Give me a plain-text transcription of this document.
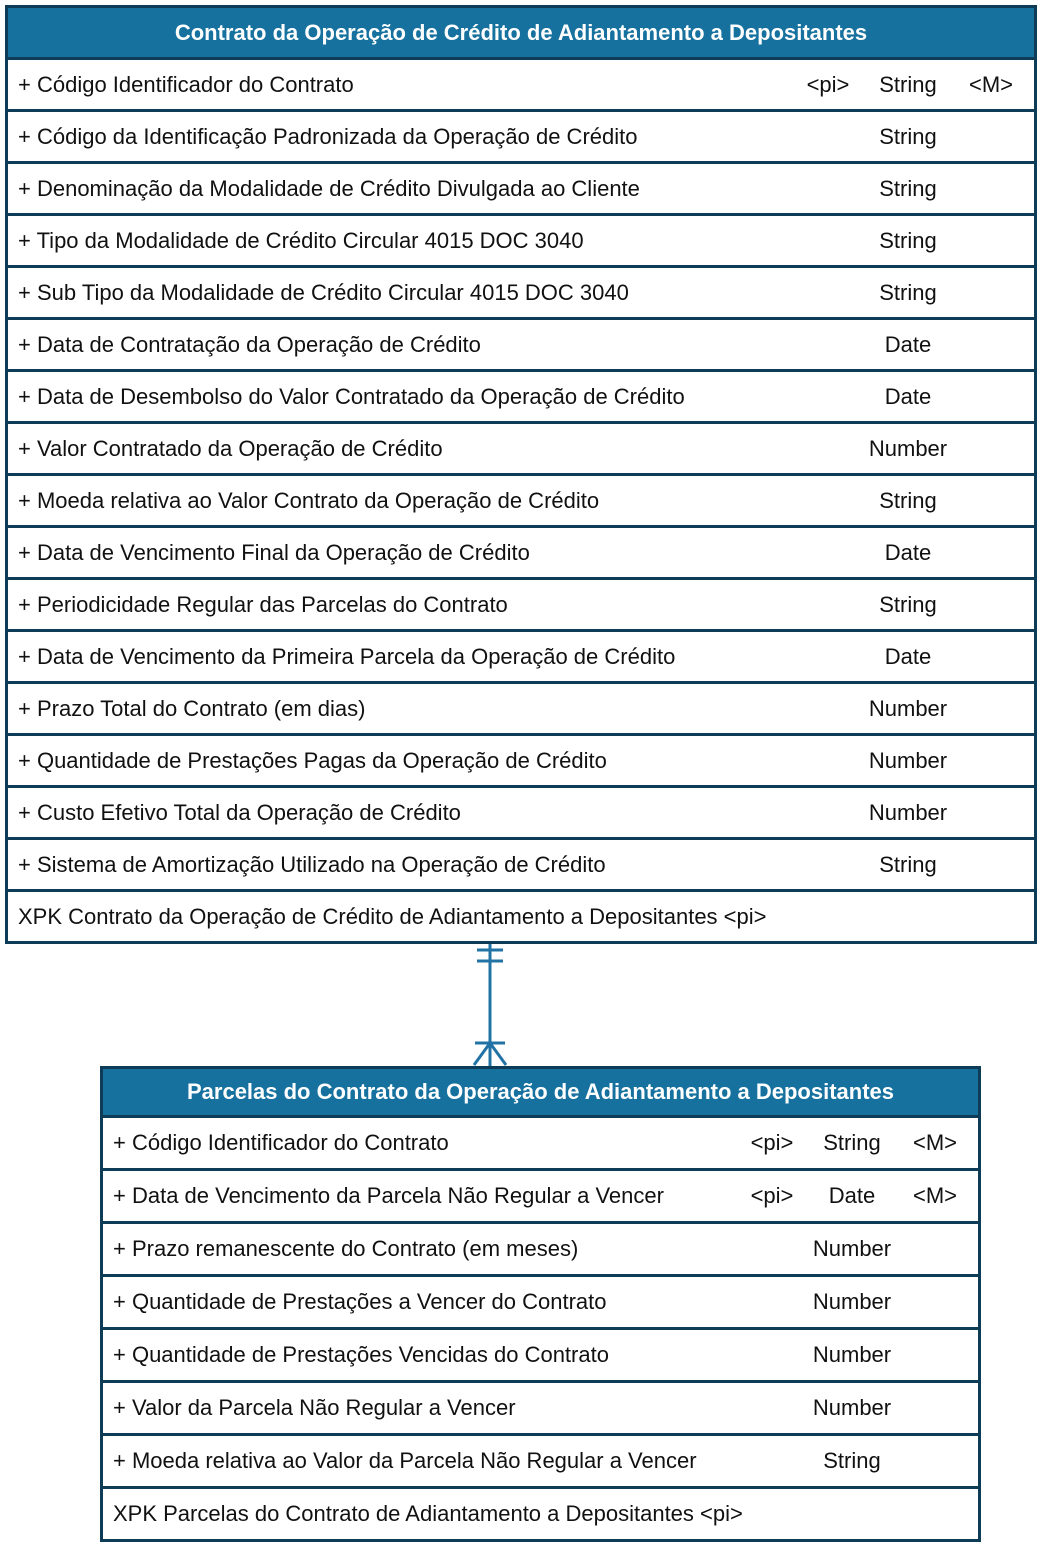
Contrato da Operação de Crédito de Adiantamento a Depositantes
+ Código Identificador do Contrato	<pi>	String	<M>
+ Código da Identificação Padronizada da Operação de Crédito	String
+ Denominação da Modalidade de Crédito Divulgada ao Cliente	String
+ Tipo da Modalidade de Crédito Circular 4015 DOC 3040	String
+ Sub Tipo da Modalidade de Crédito Circular 4015 DOC 3040	String
+ Data de Contratação da Operação de Crédito	Date
+ Data de Desembolso do Valor Contratado da Operação de Crédito	Date
+ Valor Contratado da Operação de Crédito	Number
+ Moeda relativa ao Valor Contrato da Operação de Crédito	String
+ Data de Vencimento Final da Operação de Crédito	Date
+ Periodicidade Regular das Parcelas do Contrato	String
+ Data de Vencimento da Primeira Parcela da Operação de Crédito	Date
+ Prazo Total do Contrato (em dias)	Number
+ Quantidade de Prestações Pagas da Operação de Crédito	Number
+ Custo Efetivo Total da Operação de Crédito	Number
+ Sistema de Amortização Utilizado na Operação de Crédito	String
XPK Contrato da Operação de Crédito de Adiantamento a Depositantes <pi>
Parcelas do Contrato da Operação de Adiantamento a Depositantes
+ Código Identificador do Contrato	<pi>	String	<M>
+ Data de Vencimento da Parcela Não Regular a Vencer	<pi>	Date	<M>
+ Prazo remanescente do Contrato (em meses)	Number
+ Quantidade de Prestações a Vencer do Contrato	Number
+ Quantidade de Prestações Vencidas do Contrato	Number
+ Valor da Parcela Não Regular a Vencer	Number
+ Moeda relativa ao Valor da Parcela Não Regular a Vencer	String
XPK Parcelas do Contrato de Adiantamento a Depositantes <pi>
